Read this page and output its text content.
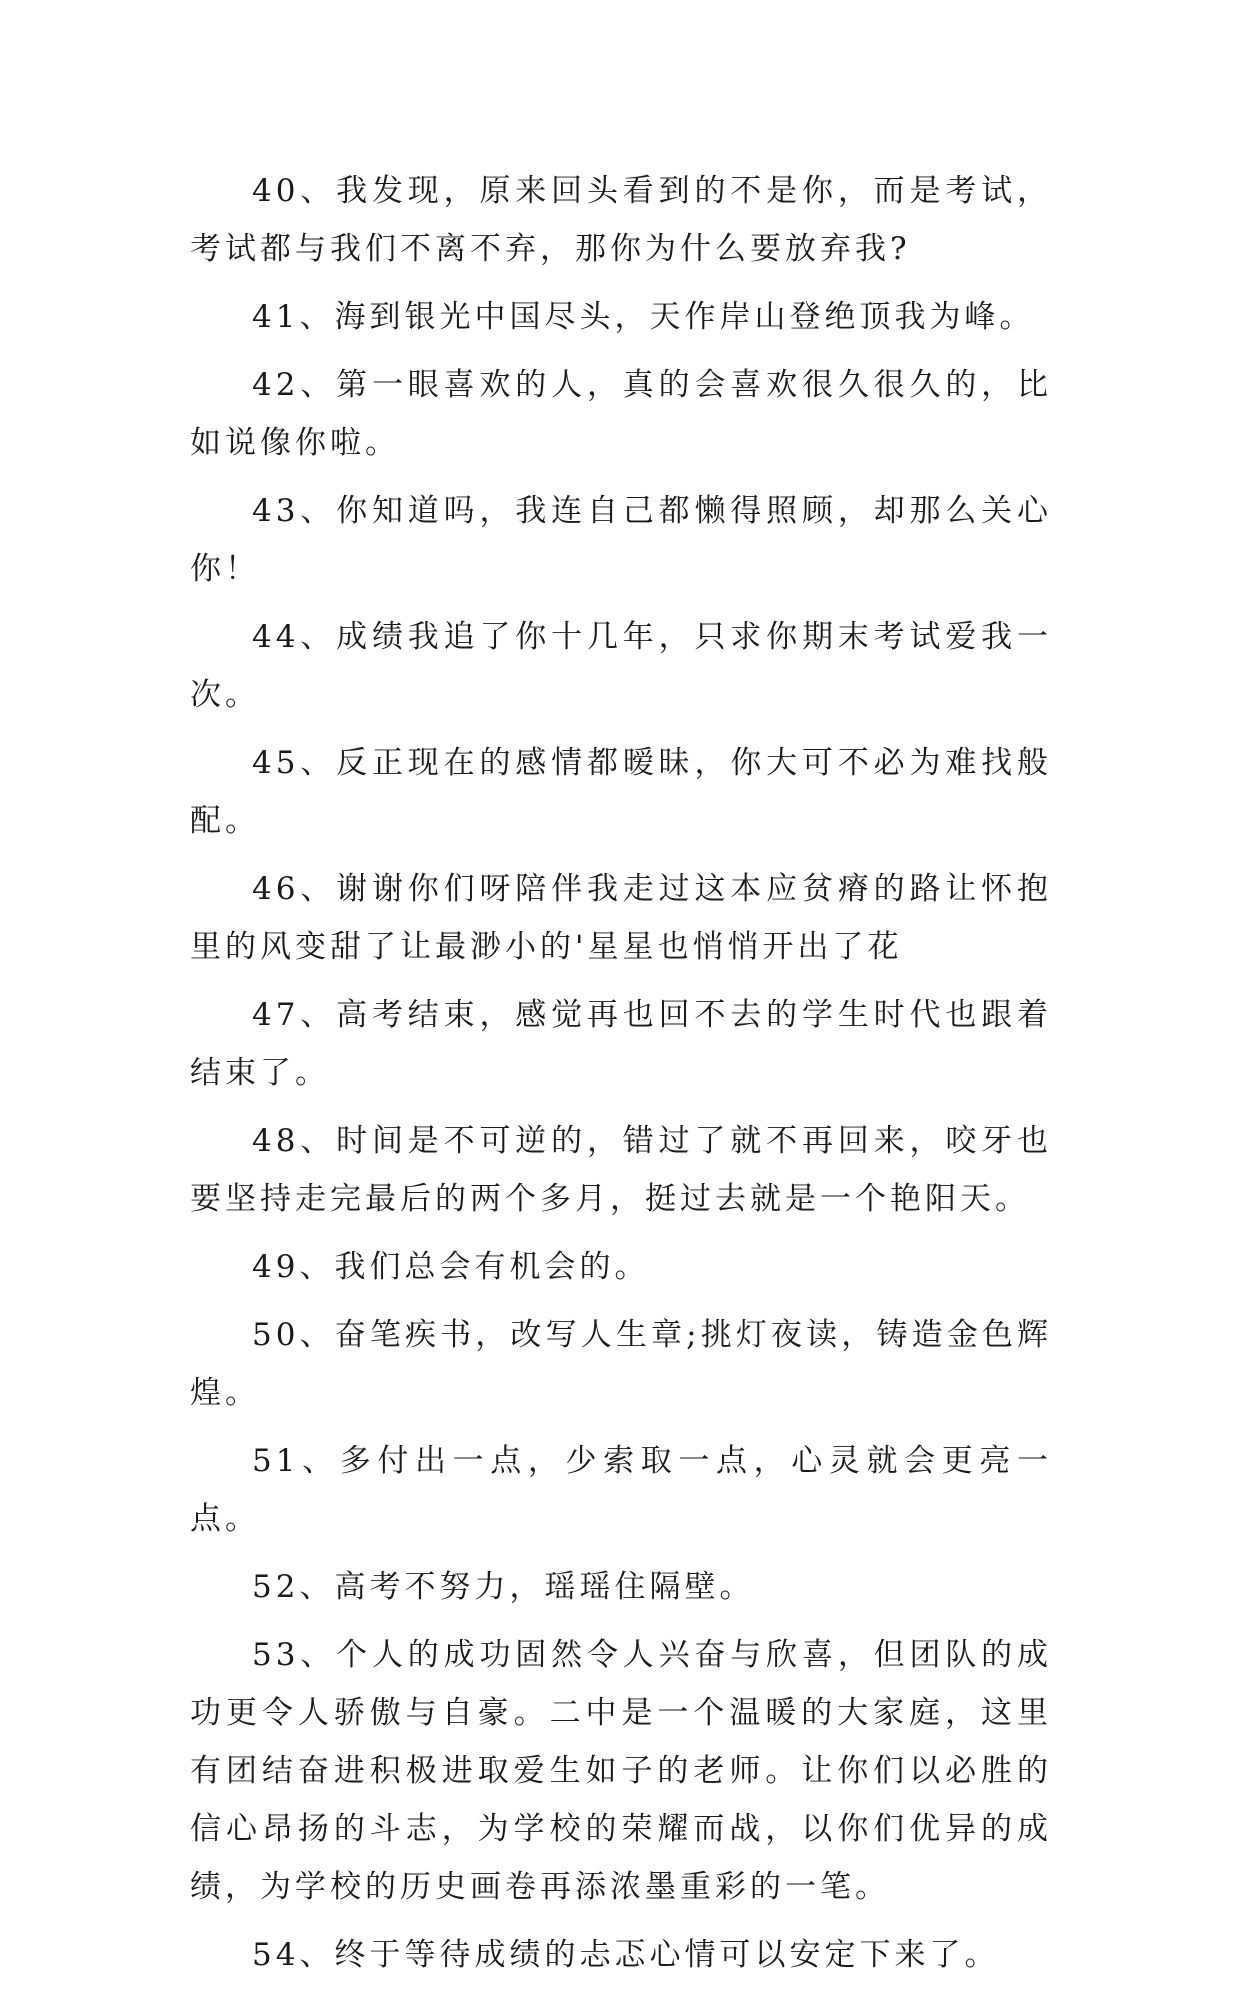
40、我发现，原来回头看到的不是你，而是考试，考试都与我们不离不弃，那你为什么要放弃我?

41、海到银光中国尽头，天作岸山登绝顶我为峰。

42、第一眼喜欢的人，真的会喜欢很久很久的，比如说像你啦。

43、你知道吗，我连自己都懒得照顾，却那么关心你！

44、成绩我追了你十几年，只求你期末考试爱我一次。

45、反正现在的感情都暧昧，你大可不必为难找般配。

46、谢谢你们呀陪伴我走过这本应贫瘠的路让怀抱里的风变甜了让最渺小的'星星也悄悄开出了花

47、高考结束，感觉再也回不去的学生时代也跟着结束了。

48、时间是不可逆的，错过了就不再回来，咬牙也要坚持走完最后的两个多月，挺过去就是一个艳阳天。

49、我们总会有机会的。

50、奋笔疾书，改写人生章;挑灯夜读，铸造金色辉煌。

51、多付出一点，少索取一点，心灵就会更亮一点。

52、高考不努力，瑶瑶住隔壁。

53、个人的成功固然令人兴奋与欣喜，但团队的成功更令人骄傲与自豪。二中是一个温暖的大家庭，这里有团结奋进积极进取爱生如子的老师。让你们以必胜的信心昂扬的斗志，为学校的荣耀而战，以你们优异的成绩，为学校的历史画卷再添浓墨重彩的一笔。

54、终于等待成绩的忐忑心情可以安定下来了。
